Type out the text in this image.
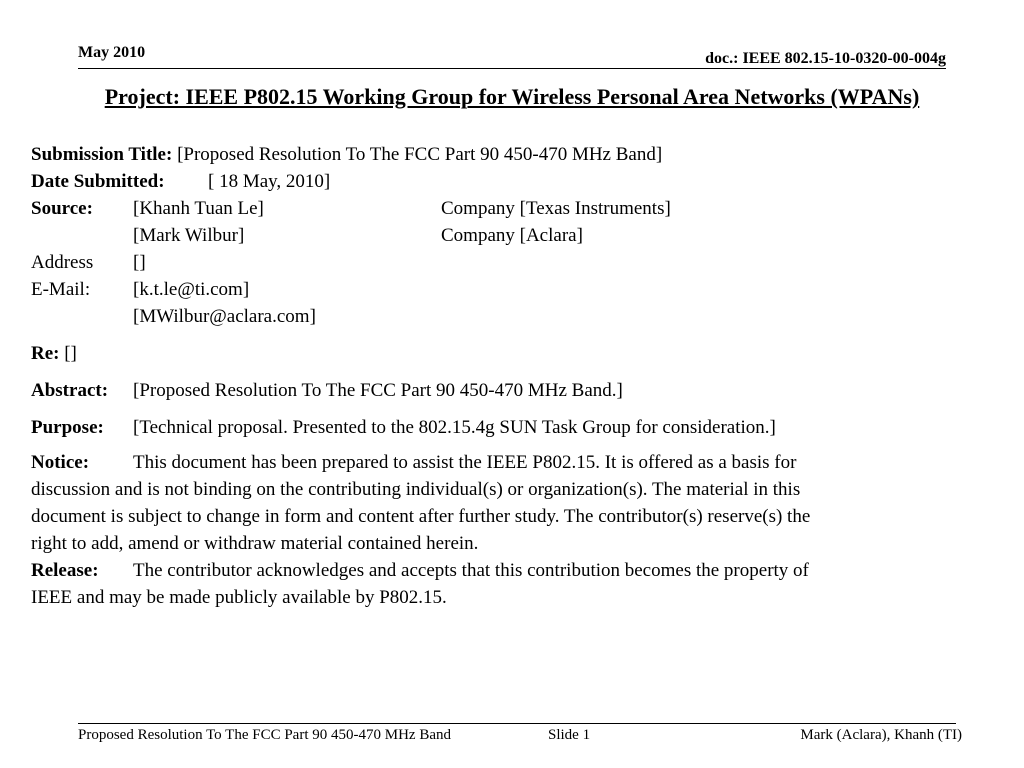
May 2010	doc.: IEEE 802.15-10-0320-00-004g
Project: IEEE P802.15 Working Group for Wireless Personal Area Networks (WPANs)
Submission Title: [Proposed Resolution To The FCC Part 90 450-470 MHz Band]
Date Submitted: [ 18 May, 2010]
Source: [Khanh Tuan Le]	Company [Texas Instruments]
[Mark Wilbur]	Company [Aclara]
Address []
E-Mail: [k.t.le@ti.com]
[MWilbur@aclara.com]
Re: []
Abstract: [Proposed Resolution To The FCC Part 90 450-470 MHz Band.]
Purpose: [Technical proposal. Presented to the 802.15.4g SUN Task Group for consideration.]
Notice: This document has been prepared to assist the IEEE P802.15. It is offered as a basis for
discussion and is not binding on the contributing individual(s) or organization(s). The material in this
document is subject to change in form and content after further study. The contributor(s) reserve(s) the
right to add, amend or withdraw material contained herein.
Release: The contributor acknowledges and accepts that this contribution becomes the property of
IEEE and may be made publicly available by P802.15.
Proposed Resolution To The FCC Part 90 450-470 MHz Band	Slide 1	Mark (Aclara), Khanh (TI)
